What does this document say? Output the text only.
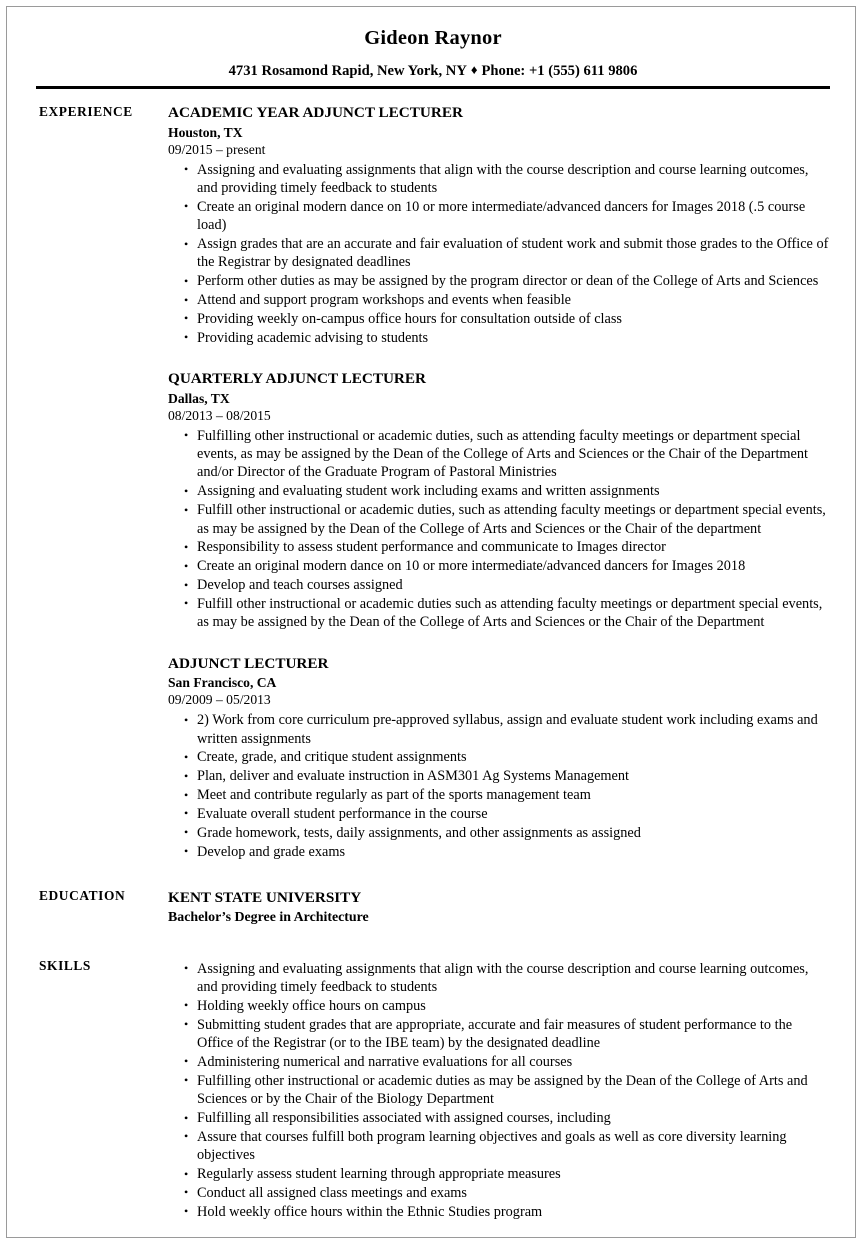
Gideon Raynor
4731 Rosamond Rapid, New York, NY ♦ Phone: +1 (555) 611 9806
EXPERIENCE	ACADEMIC YEAR ADJUNCT LECTURER
Houston, TX
09/2015 – present
• Assigning and evaluating assignments that align with the course description and course learning outcomes, and providing timely feedback to students
• Create an original modern dance on 10 or more intermediate/advanced dancers for Images 2018 (.5 course load)
• Assign grades that are an accurate and fair evaluation of student work and submit those grades to the Office of the Registrar by designated deadlines
• Perform other duties as may be assigned by the program director or dean of the College of Arts and Sciences
• Attend and support program workshops and events when feasible
• Providing weekly on-campus office hours for consultation outside of class
• Providing academic advising to students
QUARTERLY ADJUNCT LECTURER
Dallas, TX
08/2013 – 08/2015
• Fulfilling other instructional or academic duties, such as attending faculty meetings or department special events, as may be assigned by the Dean of the College of Arts and Sciences or the Chair of the Department and/or Director of the Graduate Program of Pastoral Ministries
• Assigning and evaluating student work including exams and written assignments
• Fulfill other instructional or academic duties, such as attending faculty meetings or department special events, as may be assigned by the Dean of the College of Arts and Sciences or the Chair of the department
• Responsibility to assess student performance and communicate to Images director
• Create an original modern dance on 10 or more intermediate/advanced dancers for Images 2018
• Develop and teach courses assigned
• Fulfill other instructional or academic duties such as attending faculty meetings or department special events, as may be assigned by the Dean of the College of Arts and Sciences or the Chair of the Department
ADJUNCT LECTURER
San Francisco, CA
09/2009 – 05/2013
• 2) Work from core curriculum pre-approved syllabus, assign and evaluate student work including exams and written assignments
• Create, grade, and critique student assignments
• Plan, deliver and evaluate instruction in ASM301 Ag Systems Management
• Meet and contribute regularly as part of the sports management team
• Evaluate overall student performance in the course
• Grade homework, tests, daily assignments, and other assignments as assigned
• Develop and grade exams
EDUCATION	KENT STATE UNIVERSITY
Bachelor’s Degree in Architecture
SKILLS	• Assigning and evaluating assignments that align with the course description and course learning outcomes, and providing timely feedback to students
• Holding weekly office hours on campus
• Submitting student grades that are appropriate, accurate and fair measures of student performance to the Office of the Registrar (or to the IBE team) by the designated deadline
• Administering numerical and narrative evaluations for all courses
• Fulfilling other instructional or academic duties as may be assigned by the Dean of the College of Arts and Sciences or by the Chair of the Biology Department
• Fulfilling all responsibilities associated with assigned courses, including
• Assure that courses fulfill both program learning objectives and goals as well as core diversity learning objectives
• Regularly assess student learning through appropriate measures
• Conduct all assigned class meetings and exams
• Hold weekly office hours within the Ethnic Studies program
